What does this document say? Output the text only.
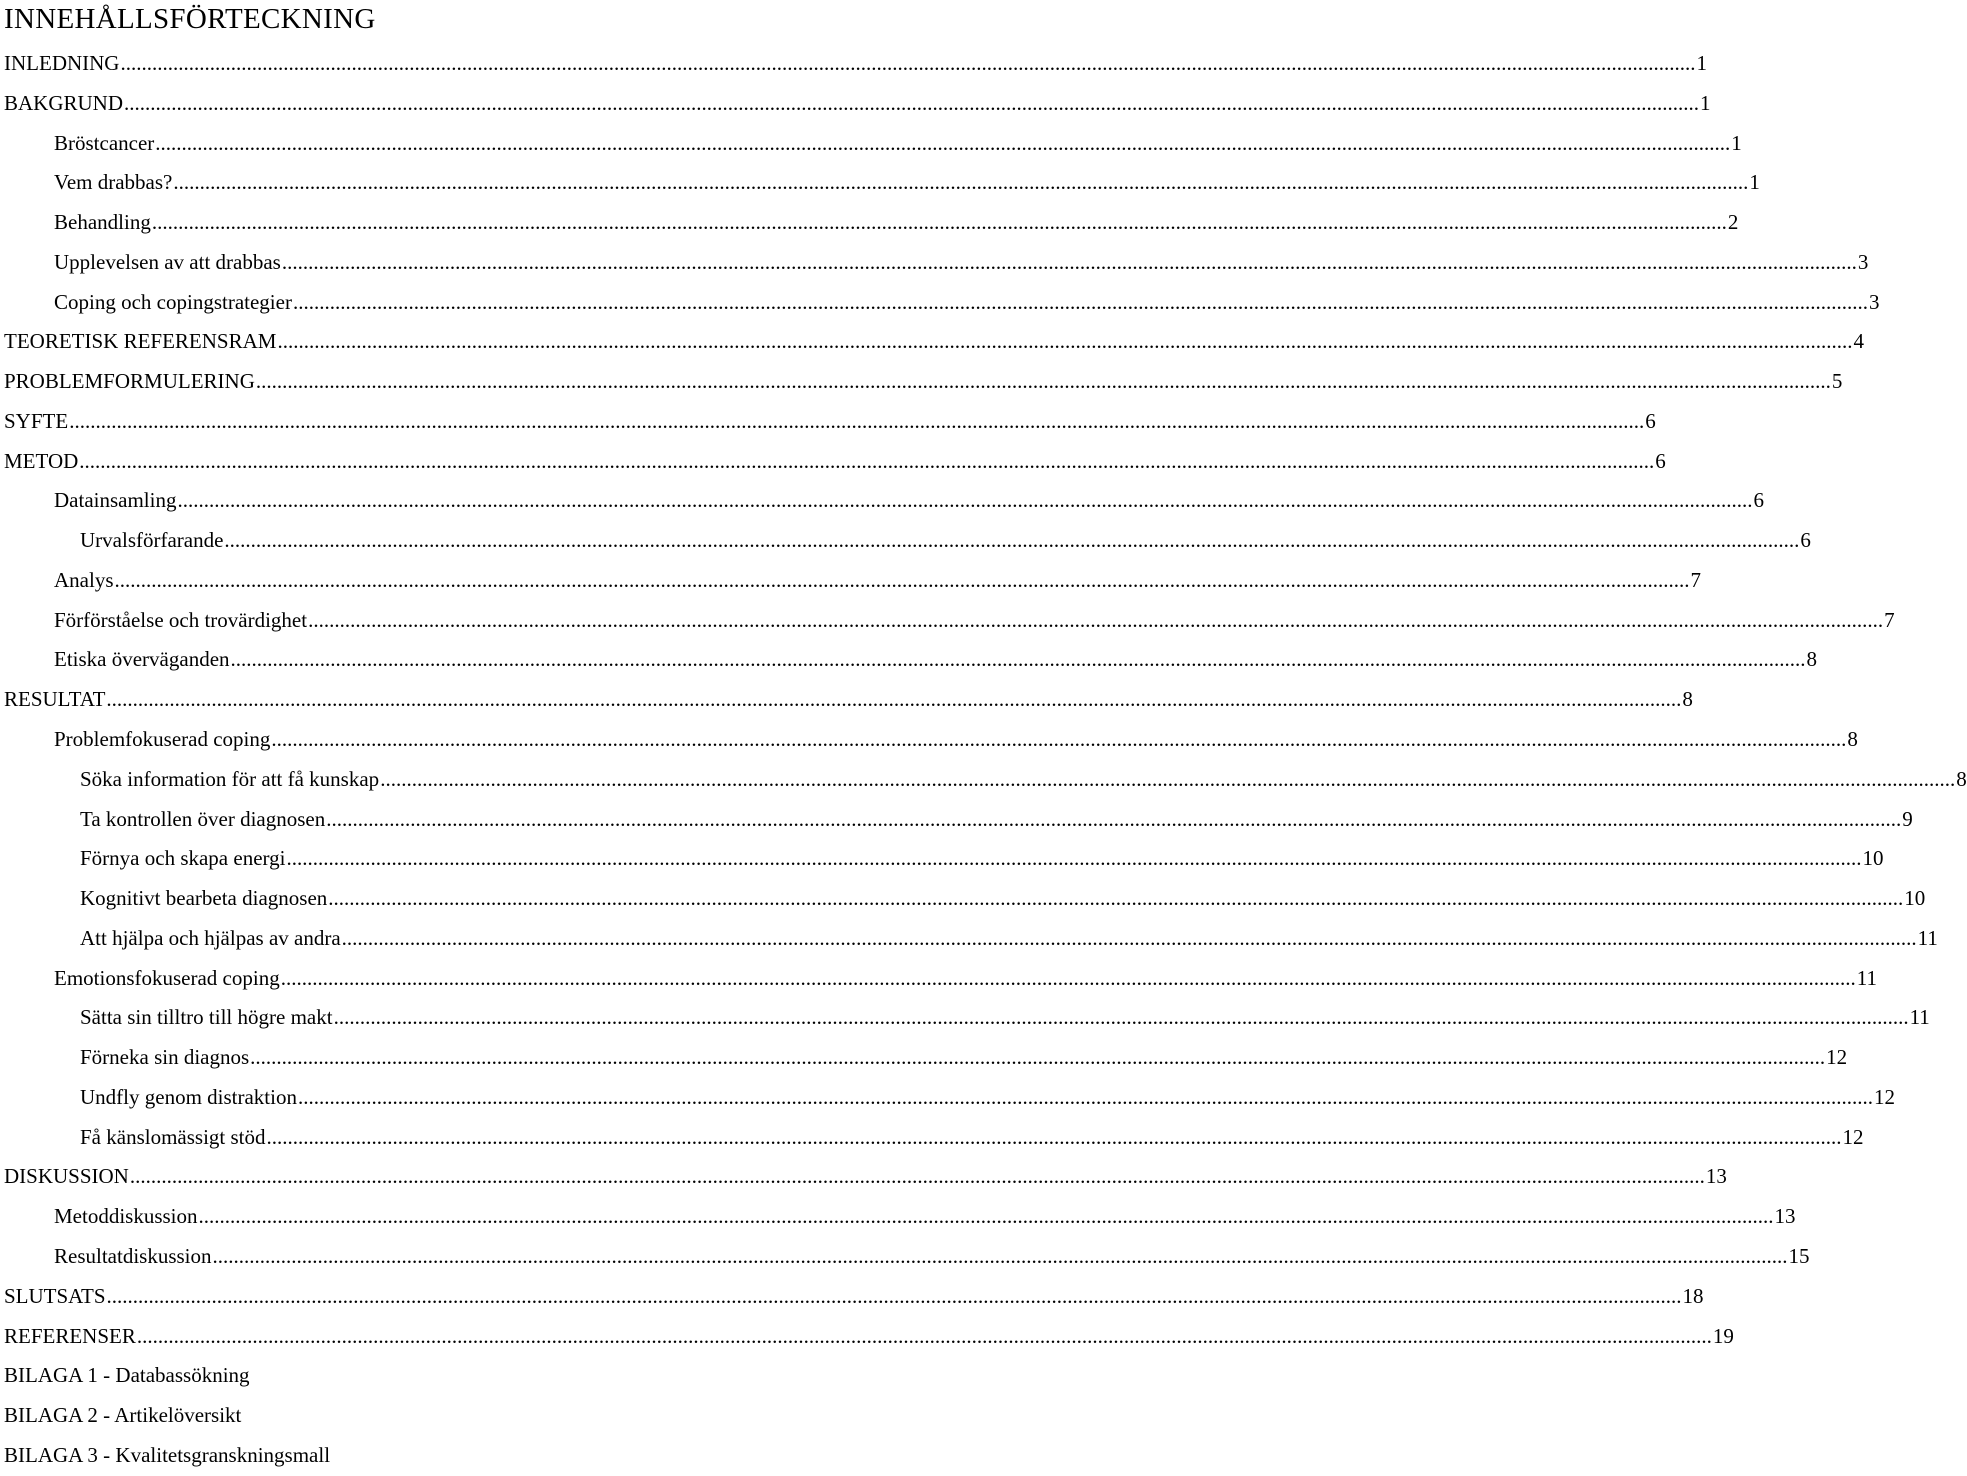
INNEHÅLLSFÖRTECKNING
INLEDNING ............................................................................................................................................................................................................................................................................................................ 1
BAKGRUND ............................................................................................................................................................................................................................................................................................................ 1
Bröstcancer ............................................................................................................................................................................................................................................................................................................ 1
Vem drabbas? ............................................................................................................................................................................................................................................................................................................ 1
Behandling ............................................................................................................................................................................................................................................................................................................ 2
Upplevelsen av att drabbas ............................................................................................................................................................................................................................................................................................................ 3
Coping och copingstrategier ............................................................................................................................................................................................................................................................................................................ 3
TEORETISK REFERENSRAM ............................................................................................................................................................................................................................................................................................................ 4
PROBLEMFORMULERING ............................................................................................................................................................................................................................................................................................................ 5
SYFTE ............................................................................................................................................................................................................................................................................................................ 6
METOD ............................................................................................................................................................................................................................................................................................................ 6
Datainsamling ............................................................................................................................................................................................................................................................................................................ 6
Urvalsförfarande ............................................................................................................................................................................................................................................................................................................ 6
Analys ............................................................................................................................................................................................................................................................................................................ 7
Förförståelse och trovärdighet ............................................................................................................................................................................................................................................................................................................ 7
Etiska överväganden ............................................................................................................................................................................................................................................................................................................ 8
RESULTAT ............................................................................................................................................................................................................................................................................................................ 8
Problemfokuserad coping ............................................................................................................................................................................................................................................................................................................ 8
Söka information för att få kunskap ............................................................................................................................................................................................................................................................................................................ 8
Ta kontrollen över diagnosen ............................................................................................................................................................................................................................................................................................................ 9
Förnya och skapa energi ............................................................................................................................................................................................................................................................................................................ 10
Kognitivt bearbeta diagnosen ............................................................................................................................................................................................................................................................................................................ 10
Att hjälpa och hjälpas av andra ............................................................................................................................................................................................................................................................................................................ 11
Emotionsfokuserad coping ............................................................................................................................................................................................................................................................................................................ 11
Sätta sin tilltro till högre makt ............................................................................................................................................................................................................................................................................................................ 11
Förneka sin diagnos ............................................................................................................................................................................................................................................................................................................ 12
Undfly genom distraktion ............................................................................................................................................................................................................................................................................................................ 12
Få känslomässigt stöd ............................................................................................................................................................................................................................................................................................................ 12
DISKUSSION ............................................................................................................................................................................................................................................................................................................ 13
Metoddiskussion ............................................................................................................................................................................................................................................................................................................ 13
Resultatdiskussion ............................................................................................................................................................................................................................................................................................................ 15
SLUTSATS ............................................................................................................................................................................................................................................................................................................ 18
REFERENSER ............................................................................................................................................................................................................................................................................................................ 19
BILAGA 1 - Databassökning
BILAGA 2 - Artikelöversikt
BILAGA 3 - Kvalitetsgranskningsmall
